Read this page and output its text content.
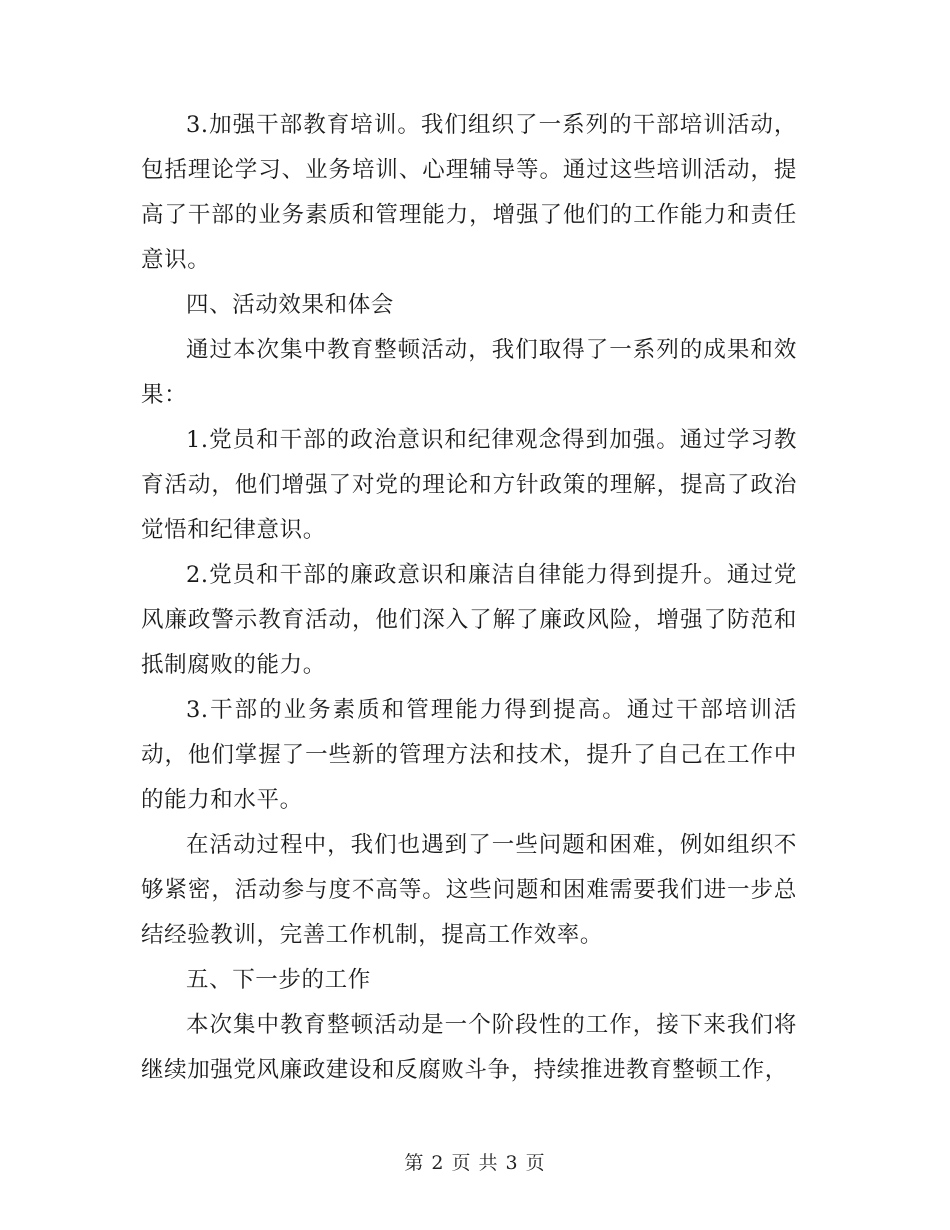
3.加强干部教育培训。我们组织了一系列的干部培训活动，包括理论学习、业务培训、心理辅导等。通过这些培训活动，提高了干部的业务素质和管理能力，增强了他们的工作能力和责任意识。

四、活动效果和体会

通过本次集中教育整顿活动，我们取得了一系列的成果和效果：

1.党员和干部的政治意识和纪律观念得到加强。通过学习教育活动，他们增强了对党的理论和方针政策的理解，提高了政治觉悟和纪律意识。

2.党员和干部的廉政意识和廉洁自律能力得到提升。通过党风廉政警示教育活动，他们深入了解了廉政风险，增强了防范和抵制腐败的能力。

3.干部的业务素质和管理能力得到提高。通过干部培训活动，他们掌握了一些新的管理方法和技术，提升了自己在工作中的能力和水平。

在活动过程中，我们也遇到了一些问题和困难，例如组织不够紧密，活动参与度不高等。这些问题和困难需要我们进一步总结经验教训，完善工作机制，提高工作效率。

五、下一步的工作

本次集中教育整顿活动是一个阶段性的工作，接下来我们将继续加强党风廉政建设和反腐败斗争，持续推进教育整顿工作，

第 2 页 共 3 页
